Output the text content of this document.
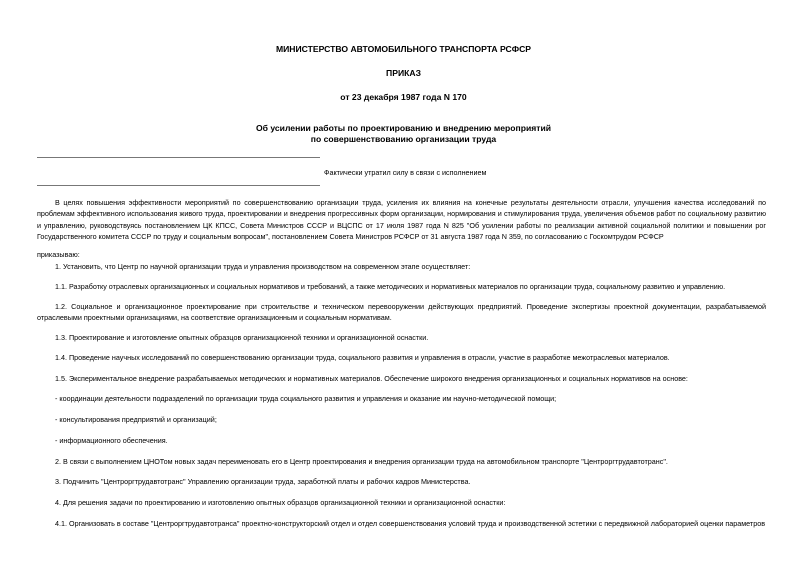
МИНИСТЕРСТВО АВТОМОБИЛЬНОГО ТРАНСПОРТА РСФСР
ПРИКАЗ
от 23 декабря 1987 года N 170
Об усилении работы по проектированию и внедрению мероприятий
по совершенствованию организации труда
Фактически утратил силу в связи с исполнением
В целях повышения эффективности мероприятий по совершенствованию организации труда, усиления их влияния на конечные результаты деятельности отрасли, улучшения качества исследований по проблемам эффективного использования живого труда, проектировании и внедрения прогрессивных форм организации, нормирования и стимулирования труда, увеличения объемов работ по социальному развитию и управлению, руководствуясь постановлением ЦК КПСС, Совета Министров СССР и ВЦСПС от 17 июля 1987 года N 825 "Об усилении работы по реализации активной социальной политики и повышении рог Государственного комитета СССР по труду и социальным вопросам", постановлением Совета Министров РСФСР от 31 августа 1987 года N 359, по согласованию с Госкомтрудом РСФСР
приказываю:
1. Установить, что Центр по научной организации труда и управления производством на современном этапе осуществляет:
1.1. Разработку отраслевых организационных и социальных нормативов и требований, а также методических и нормативных материалов по организации труда, социальному развитию и управлению.
1.2. Социальное и организационное проектирование при строительстве и техническом перевооружении действующих предприятий. Проведение экспертизы проектной документации, разрабатываемой отраслевыми проектными организациями, на соответствие организационным и социальным нормативам.
1.3. Проектирование и изготовление опытных образцов организационной техники и организационной оснастки.
1.4. Проведение научных исследований по совершенствованию организации труда, социального развития и управления в отрасли, участие в разработке межотраслевых материалов.
1.5. Экспериментальное внедрение разрабатываемых методических и нормативных материалов. Обеспечение широкого внедрения организационных и социальных нормативов на основе:
- координации деятельности подразделений по организации труда социального развития и управления и оказание им научно-методической помощи;
- консультирования предприятий и организаций;
- информационного обеспечения.
2. В связи с выполнением ЦНОТом новых задач переименовать его в Центр проектирования и внедрения организации труда на автомобильном транспорте "Центроргтрудавтотранс".
3. Подчинить "Центроргтрудавтотранс" Управлению организации труда, заработной платы и рабочих кадров Министерства.
4. Для решения задачи по проектированию и изготовлению опытных образцов организационной техники и организационной оснастки:
4.1. Организовать в составе "Центроргтрудавтотранса" проектно-конструкторский отдел и отдел совершенствования условий труда и производственной эстетики с передвижной лабораторией оценки параметров
